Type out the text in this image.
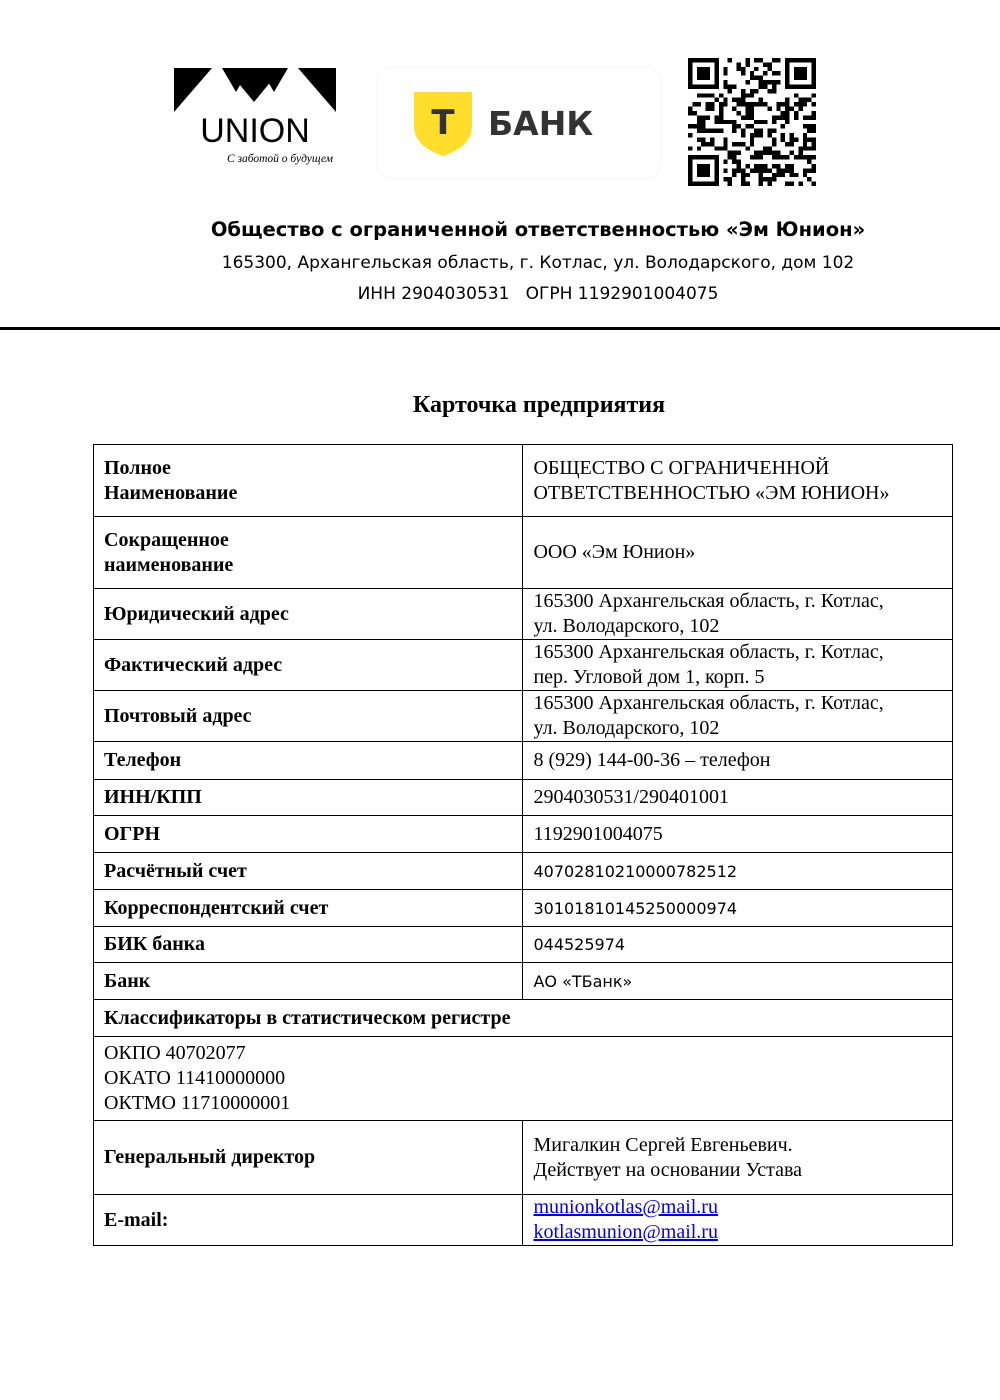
UNION
С заботой о будущем
Т БАНК
Общество с ограниченной ответственностью «Эм Юнион»
165300, Архангельская область, г. Котлас, ул. Володарского, дом 102
ИНН 2904030531   ОГРН 1192901004075
Карточка предприятия
Полное
Наименование	ОБЩЕСТВО С ОГРАНИЧЕННОЙ
ОТВЕТСТВЕННОСТЬЮ «ЭМ ЮНИОН»
Сокращенное
наименование	ООО «Эм Юнион»
Юридический адрес	165300 Архангельская область, г. Котлас,
ул. Володарского, 102
Фактический адрес	165300 Архангельская область, г. Котлас,
пер. Угловой дом 1, корп. 5
Почтовый адрес	165300 Архангельская область, г. Котлас,
ул. Володарского, 102
Телефон	8 (929) 144-00-36 – телефон
ИНН/КПП	2904030531/290401001
ОГРН	1192901004075
Расчётный счет	40702810210000782512
Корреспондентский счет	30101810145250000974
БИК банка	044525974
Банк	АО «ТБанк»
Классификаторы в статистическом регистре	
ОКПО 40702077
ОКАТО 11410000000
ОКТМО 11710000001	
Генеральный директор	Мигалкин Сергей Евгеньевич.
Действует на основании Устава
E-mail:	munionkotlas@mail.ru
kotlasmunion@mail.ru
